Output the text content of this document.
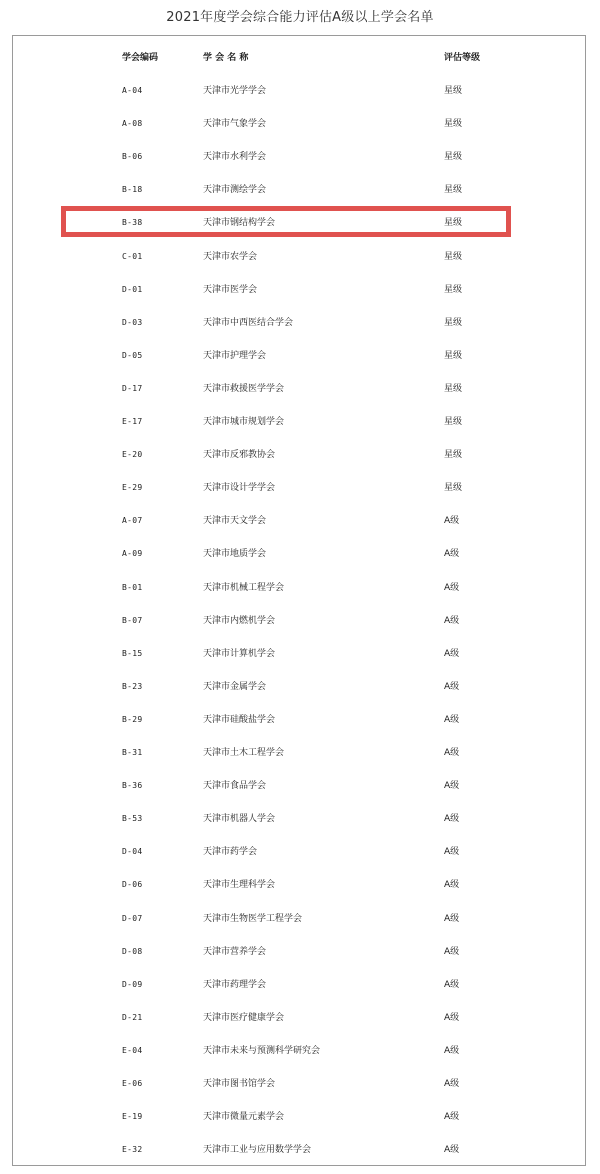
2021年度学会综合能力评估A级以上学会名单
学会编码	学 会 名 称	评估等级
A-04	天津市光学学会	星级
A-08	天津市气象学会	星级
B-06	天津市水利学会	星级
B-18	天津市测绘学会	星级
B-38	天津市钢结构学会	星级
C-01	天津市农学会	星级
D-01	天津市医学会	星级
D-03	天津市中西医结合学会	星级
D-05	天津市护理学会	星级
D-17	天津市救援医学学会	星级
E-17	天津市城市规划学会	星级
E-20	天津市反邪教协会	星级
E-29	天津市设计学学会	星级
A-07	天津市天文学会	A级
A-09	天津市地质学会	A级
B-01	天津市机械工程学会	A级
B-07	天津市内燃机学会	A级
B-15	天津市计算机学会	A级
B-23	天津市金属学会	A级
B-29	天津市硅酸盐学会	A级
B-31	天津市土木工程学会	A级
B-36	天津市食品学会	A级
B-53	天津市机器人学会	A级
D-04	天津市药学会	A级
D-06	天津市生理科学会	A级
D-07	天津市生物医学工程学会	A级
D-08	天津市营养学会	A级
D-09	天津市药理学会	A级
D-21	天津市医疗健康学会	A级
E-04	天津市未来与预测科学研究会	A级
E-06	天津市图书馆学会	A级
E-19	天津市微量元素学会	A级
E-32	天津市工业与应用数学学会	A级
